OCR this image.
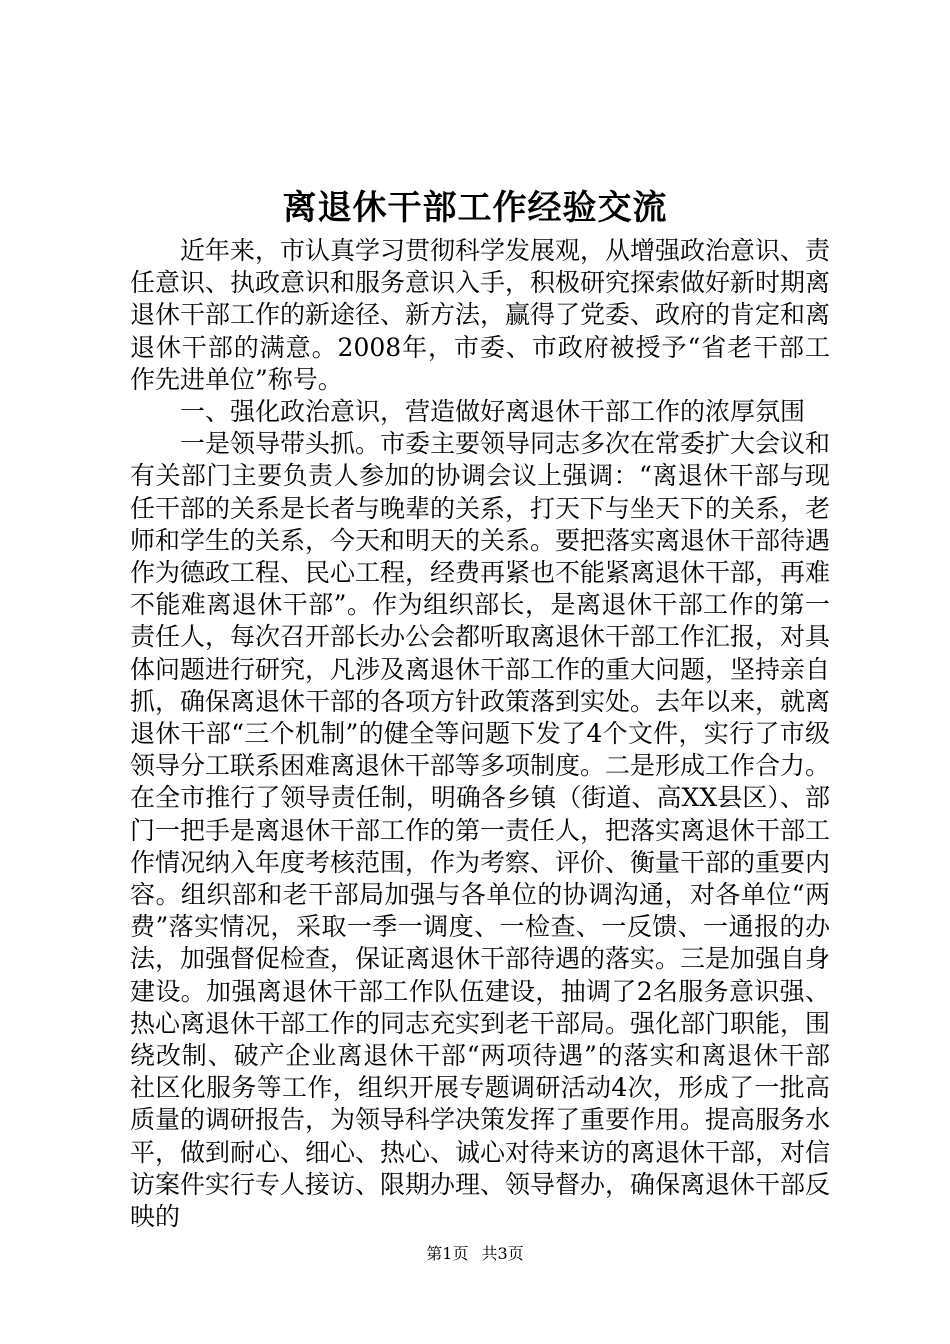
离退休干部工作经验交流

近年来，市认真学习贯彻科学发展观，从增强政治意识、责任意识、执政意识和服务意识入手，积极研究探索做好新时期离退休干部工作的新途径、新方法，赢得了党委、政府的肯定和离退休干部的满意。2008年，市委、市政府被授予“省老干部工作先进单位”称号。

一、强化政治意识，营造做好离退休干部工作的浓厚氛围

一是领导带头抓。市委主要领导同志多次在常委扩大会议和有关部门主要负责人参加的协调会议上强调：“离退休干部与现任干部的关系是长者与晚辈的关系，打天下与坐天下的关系，老师和学生的关系，今天和明天的关系。要把落实离退休干部待遇作为德政工程、民心工程，经费再紧也不能紧离退休干部，再难不能难离退休干部”。作为组织部长，是离退休干部工作的第一责任人，每次召开部长办公会都听取离退休干部工作汇报，对具体问题进行研究，凡涉及离退休干部工作的重大问题，坚持亲自抓，确保离退休干部的各项方针政策落到实处。去年以来，就离退休干部“三个机制”的健全等问题下发了4个文件，实行了市级领导分工联系困难离退休干部等多项制度。二是形成工作合力。在全市推行了领导责任制，明确各乡镇（街道、高XX县区）、部门一把手是离退休干部工作的第一责任人，把落实离退休干部工作情况纳入年度考核范围，作为考察、评价、衡量干部的重要内容。组织部和老干部局加强与各单位的协调沟通，对各单位“两费”落实情况，采取一季一调度、一检查、一反馈、一通报的办法，加强督促检查，保证离退休干部待遇的落实。三是加强自身建设。加强离退休干部工作队伍建设，抽调了2名服务意识强、热心离退休干部工作的同志充实到老干部局。强化部门职能，围绕改制、破产企业离退休干部“两项待遇”的落实和离退休干部社区化服务等工作，组织开展专题调研活动4次，形成了一批高质量的调研报告，为领导科学决策发挥了重要作用。提高服务水平，做到耐心、细心、热心、诚心对待来访的离退休干部，对信访案件实行专人接访、限期办理、领导督办，确保离退休干部反映的

第1页 共3页
